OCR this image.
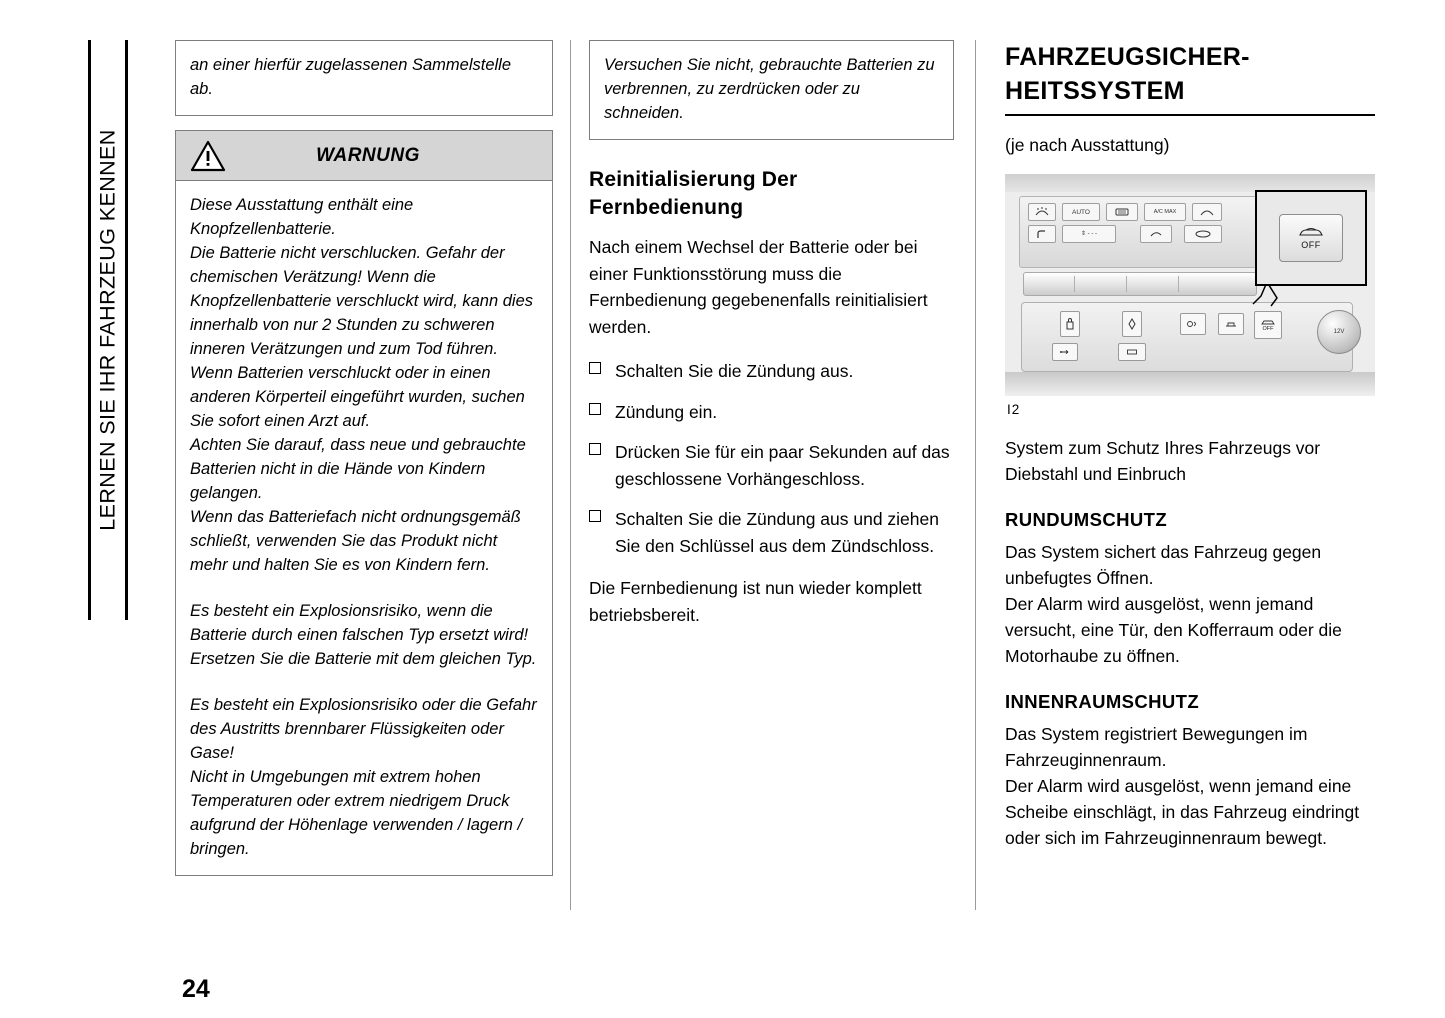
LERNEN SIE IHR FAHRZEUG KENNEN

an einer hierfür zugelassenen Sammelstelle ab.

WARNUNG

Diese Ausstattung enthält eine Knopfzellenbatterie.

Die Batterie nicht verschlucken. Gefahr der chemischen Verätzung! Wenn die Knopfzellenbatterie verschluckt wird, kann dies innerhalb von nur 2 Stunden zu schweren inneren Verätzungen und zum Tod führen.

Wenn Batterien verschluckt oder in einen anderen Körperteil eingeführt wurden, suchen Sie sofort einen Arzt auf.

Achten Sie darauf, dass neue und gebrauchte Batterien nicht in die Hände von Kindern gelangen.

Wenn das Batteriefach nicht ordnungsgemäß schließt, verwenden Sie das Produkt nicht mehr und halten Sie es von Kindern fern.

Es besteht ein Explosionsrisiko, wenn die Batterie durch einen falschen Typ ersetzt wird! Ersetzen Sie die Batterie mit dem gleichen Typ.

Es besteht ein Explosionsrisiko oder die Gefahr des Austritts brennbarer Flüssigkeiten oder Gase!

Nicht in Umgebungen mit extrem hohen Temperaturen oder extrem niedrigem Druck aufgrund der Höhenlage verwenden / lagern / bringen.

Versuchen Sie nicht, gebrauchte Batterien zu verbrennen, zu zerdrücken oder zu schneiden.

Reinitialisierung Der Fernbedienung

Nach einem Wechsel der Batterie oder bei einer Funktionsstörung muss die Fernbedienung gegebenenfalls reinitialisiert werden.

Schalten Sie die Zündung aus.
Zündung ein.
Drücken Sie für ein paar Sekunden auf das geschlossene Vorhängeschloss.
Schalten Sie die Zündung aus und ziehen Sie den Schlüssel aus dem Zündschloss.

Die Fernbedienung ist nun wieder komplett betriebsbereit.

FAHRZEUGSICHER-
HEITSSYSTEM

(je nach Ausstattung)

AUTO	A/C MAX
⇕ - - -
OFF	12V
OFF
I2

System zum Schutz Ihres Fahrzeugs vor Diebstahl und Einbruch

RUNDUMSCHUTZ

Das System sichert das Fahrzeug gegen unbefugtes Öffnen.

Der Alarm wird ausgelöst, wenn jemand versucht, eine Tür, den Kofferraum oder die Motorhaube zu öffnen.

INNENRAUMSCHUTZ

Das System registriert Bewegungen im Fahrzeuginnenraum.

Der Alarm wird ausgelöst, wenn jemand eine Scheibe einschlägt, in das Fahrzeug eindringt oder sich im Fahrzeuginnenraum bewegt.

24
